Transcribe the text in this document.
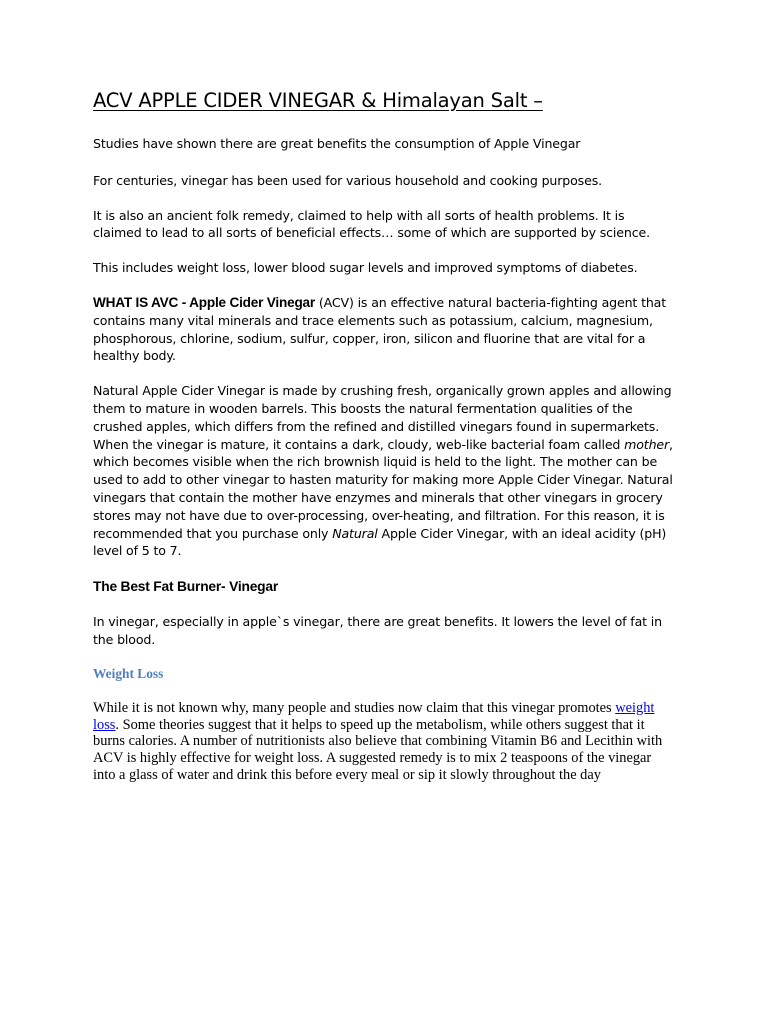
ACV APPLE CIDER VINEGAR & Himalayan Salt –

Studies have shown there are great benefits the consumption of Apple Vinegar

For centuries, vinegar has been used for various household and cooking purposes.

It is also an ancient folk remedy, claimed to help with all sorts of health problems. It is claimed to lead to all sorts of beneficial effects… some of which are supported by science.

This includes weight loss, lower blood sugar levels and improved symptoms of diabetes.

WHAT IS AVC - Apple Cider Vinegar (ACV) is an effective natural bacteria-fighting agent that contains many vital minerals and trace elements such as potassium, calcium, magnesium, phosphorous, chlorine, sodium, sulfur, copper, iron, silicon and fluorine that are vital for a healthy body.

Natural Apple Cider Vinegar is made by crushing fresh, organically grown apples and allowing them to mature in wooden barrels. This boosts the natural fermentation qualities of the crushed apples, which differs from the refined and distilled vinegars found in supermarkets. When the vinegar is mature, it contains a dark, cloudy, web-like bacterial foam called mother, which becomes visible when the rich brownish liquid is held to the light. The mother can be used to add to other vinegar to hasten maturity for making more Apple Cider Vinegar. Natural vinegars that contain the mother have enzymes and minerals that other vinegars in grocery stores may not have due to over-processing, over-heating, and filtration. For this reason, it is recommended that you purchase only Natural Apple Cider Vinegar, with an ideal acidity (pH) level of 5 to 7.

The Best Fat Burner- Vinegar

In vinegar, especially in apple`s vinegar, there are great benefits. It lowers the level of fat in the blood.

Weight Loss

While it is not known why, many people and studies now claim that this vinegar promotes weight loss. Some theories suggest that it helps to speed up the metabolism, while others suggest that it burns calories. A number of nutritionists also believe that combining Vitamin B6 and Lecithin with ACV is highly effective for weight loss. A suggested remedy is to mix 2 teaspoons of the vinegar into a glass of water and drink this before every meal or sip it slowly throughout the day
